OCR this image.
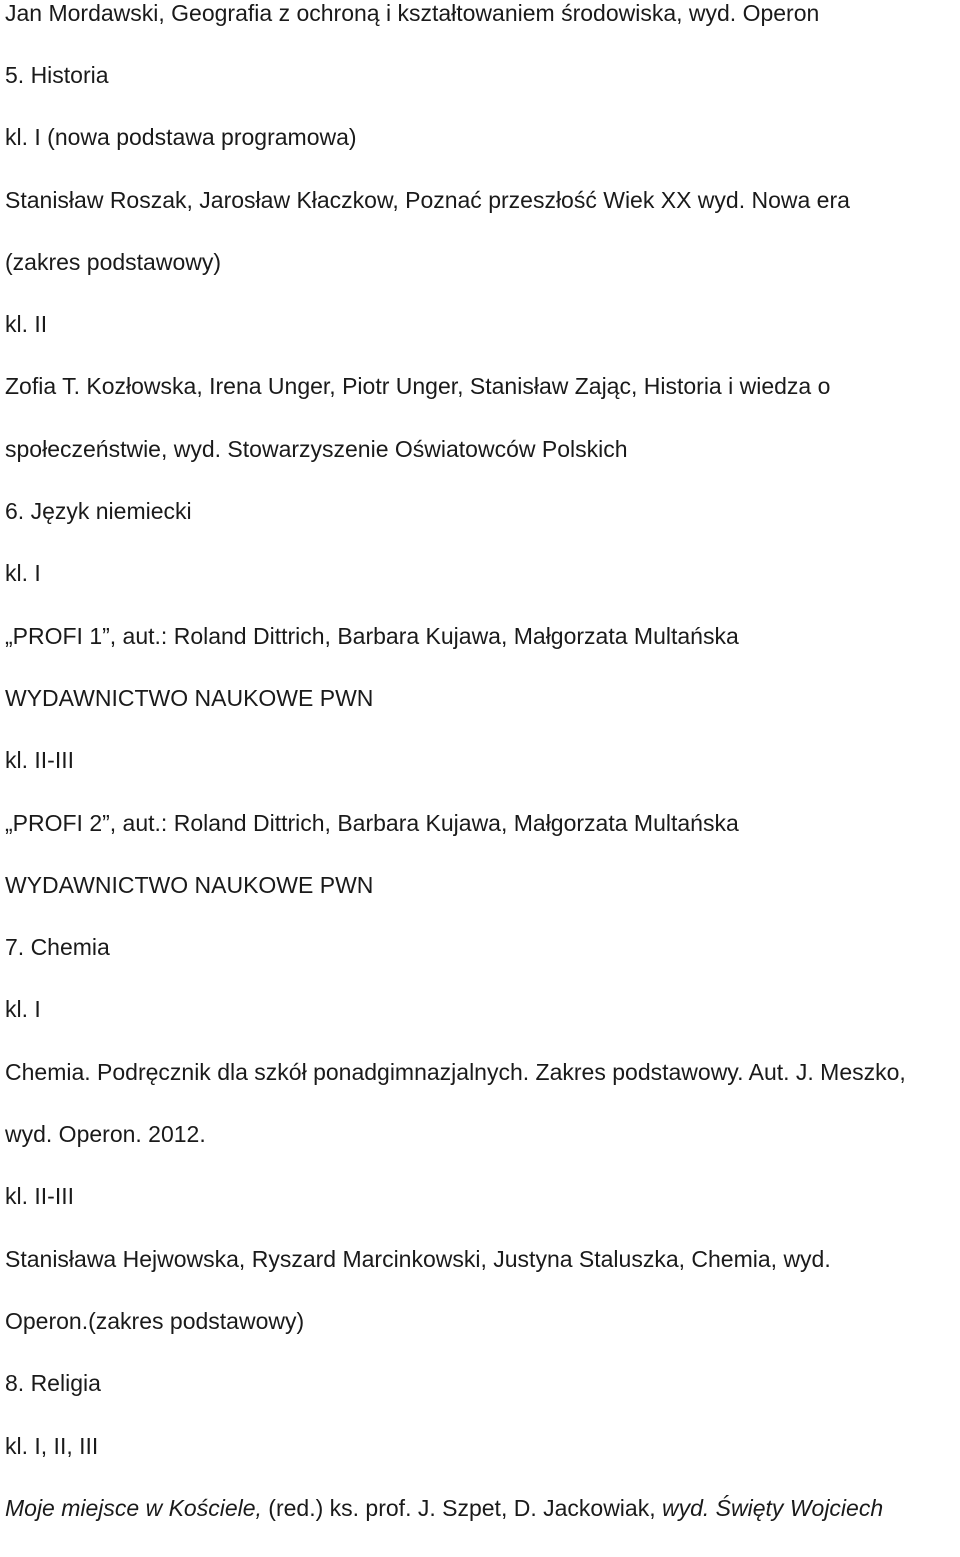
Jan Mordawski, Geografia z ochroną i kształtowaniem środowiska, wyd. Operon
5. Historia
kl. I (nowa podstawa programowa)
Stanisław Roszak, Jarosław Kłaczkow, Poznać przeszłość Wiek XX wyd. Nowa era
(zakres podstawowy)
kl. II
Zofia T. Kozłowska, Irena Unger, Piotr Unger, Stanisław Zając, Historia i wiedza o
społeczeństwie, wyd. Stowarzyszenie Oświatowców Polskich
6. Język niemiecki
kl. I
„PROFI 1”, aut.: Roland Dittrich, Barbara Kujawa, Małgorzata Multańska
WYDAWNICTWO NAUKOWE PWN
kl. II-III
„PROFI 2”, aut.: Roland Dittrich, Barbara Kujawa, Małgorzata Multańska
WYDAWNICTWO NAUKOWE PWN
7. Chemia
kl. I
Chemia. Podręcznik dla szkół ponadgimnazjalnych. Zakres podstawowy. Aut. J. Meszko,
wyd. Operon. 2012.
kl. II-III
Stanisława Hejwowska, Ryszard Marcinkowski, Justyna Staluszka, Chemia, wyd.
Operon.(zakres podstawowy)
8. Religia
kl. I, II, III
Moje miejsce w Kościele, (red.) ks. prof. J. Szpet, D. Jackowiak, wyd. Święty Wojciech
